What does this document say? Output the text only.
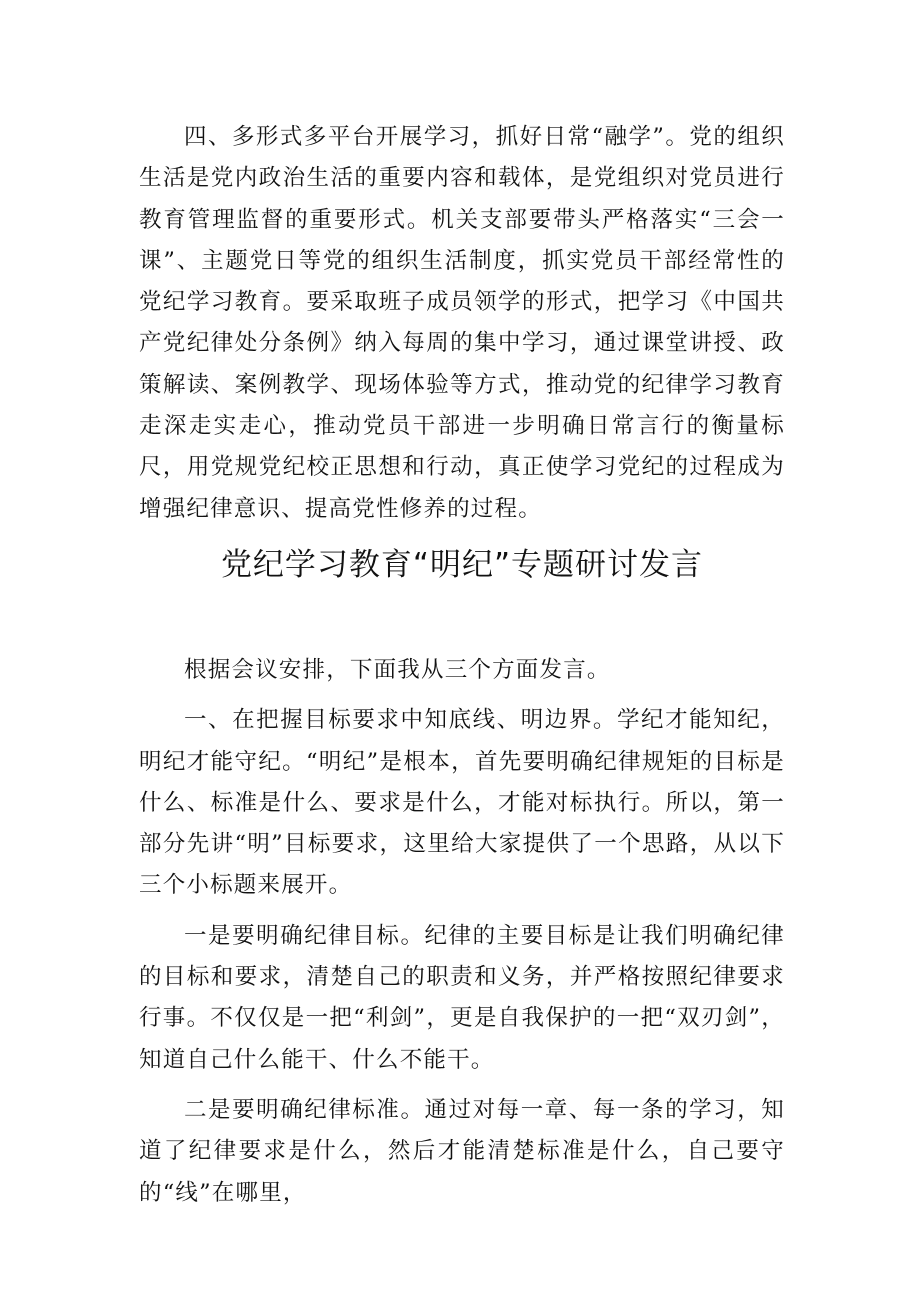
四、多形式多平台开展学习，抓好日常“融学”。党的组织生活是党内政治生活的重要内容和载体，是党组织对党员进行教育管理监督的重要形式。机关支部要带头严格落实“三会一课”、主题党日等党的组织生活制度，抓实党员干部经常性的党纪学习教育。要采取班子成员领学的形式，把学习《中国共产党纪律处分条例》纳入每周的集中学习，通过课堂讲授、政策解读、案例教学、现场体验等方式，推动党的纪律学习教育走深走实走心，推动党员干部进一步明确日常言行的衡量标尺，用党规党纪校正思想和行动，真正使学习党纪的过程成为增强纪律意识、提高党性修养的过程。

党纪学习教育“明纪”专题研讨发言

根据会议安排，下面我从三个方面发言。

一、在把握目标要求中知底线、明边界。学纪才能知纪，明纪才能守纪。“明纪”是根本，首先要明确纪律规矩的目标是什么、标准是什么、要求是什么，才能对标执行。所以，第一部分先讲“明”目标要求，这里给大家提供了一个思路，从以下三个小标题来展开。

一是要明确纪律目标。纪律的主要目标是让我们明确纪律的目标和要求，清楚自己的职责和义务，并严格按照纪律要求行事。不仅仅是一把“利剑”，更是自我保护的一把“双刃剑”，知道自己什么能干、什么不能干。

二是要明确纪律标准。通过对每一章、每一条的学习，知道了纪律要求是什么，然后才能清楚标准是什么，自己要守的“线”在哪里，
